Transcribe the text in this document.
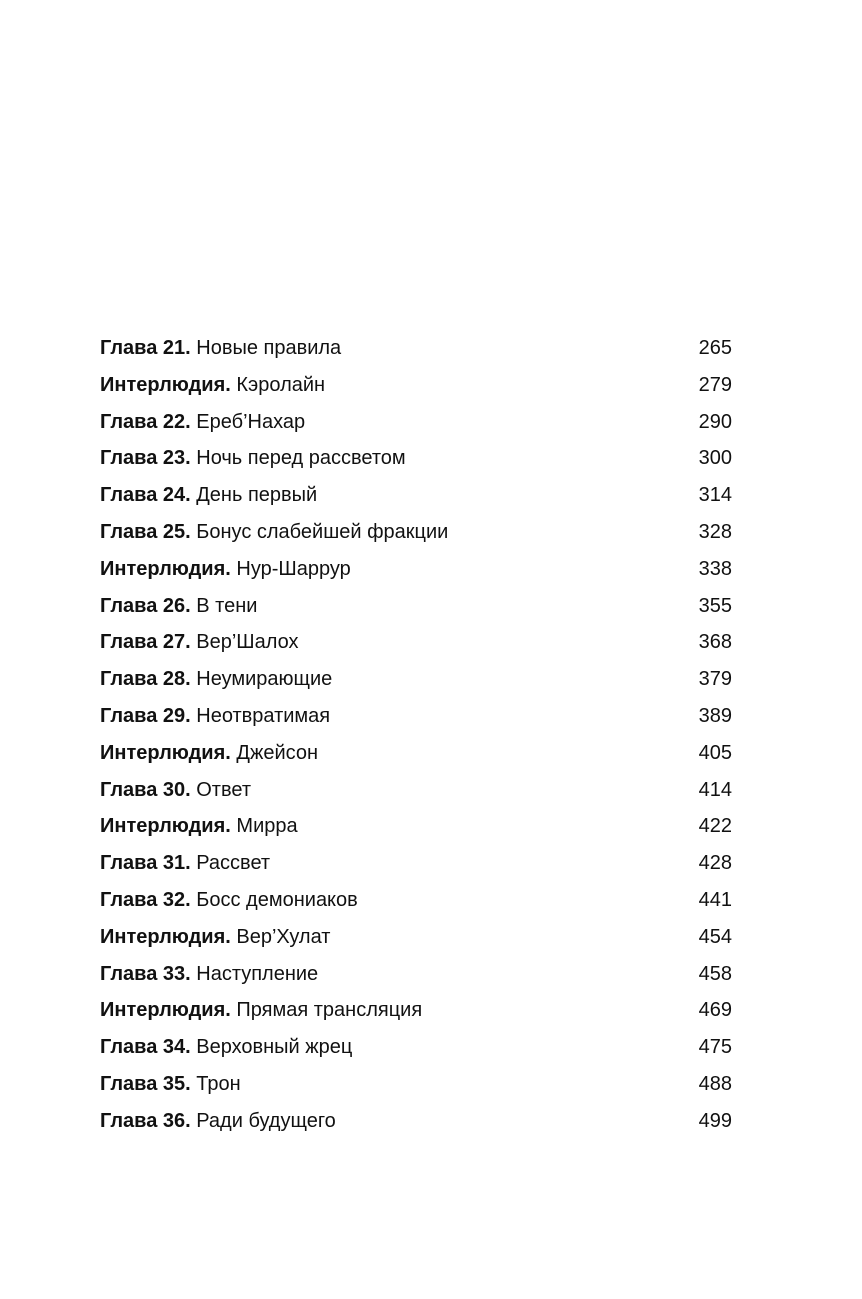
Глава 21. Новые правила	265
Интерлюдия. Кэролайн	279
Глава 22. Ереб’Нахар	290
Глава 23. Ночь перед рассветом	300
Глава 24. День первый	314
Глава 25. Бонус слабейшей фракции	328
Интерлюдия. Нур-Шаррур	338
Глава 26. В тени	355
Глава 27. Вер’Шалох	368
Глава 28. Неумирающие	379
Глава 29. Неотвратимая	389
Интерлюдия. Джейсон	405
Глава 30. Ответ	414
Интерлюдия. Мирра	422
Глава 31. Рассвет	428
Глава 32. Босс демониаков	441
Интерлюдия. Вер’Хулат	454
Глава 33. Наступление	458
Интерлюдия. Прямая трансляция	469
Глава 34. Верховный жрец	475
Глава 35. Трон	488
Глава 36. Ради будущего	499
